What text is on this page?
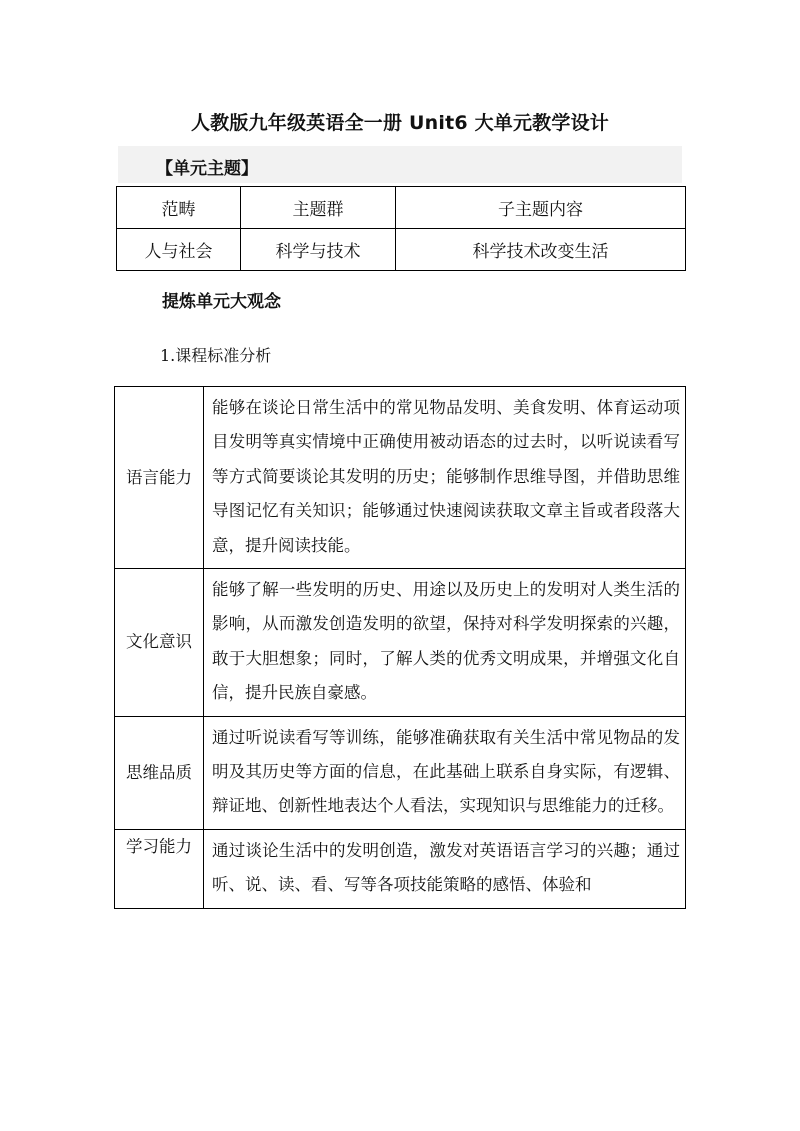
人教版九年级英语全一册 Unit6 大单元教学设计
【单元主题】
范畴	主题群	子主题内容
人与社会	科学与技术	科学技术改变生活
提炼单元大观念
1.课程标准分析
语言能力	能够在谈论日常生活中的常见物品发明、美食发明、体育运动项目发明等真实情境中正确使用被动语态的过去时，以听说读看写等方式简要谈论其发明的历史；能够制作思维导图，并借助思维导图记忆有关知识；能够通过快速阅读获取文章主旨或者段落大意，提升阅读技能。
文化意识	能够了解一些发明的历史、用途以及历史上的发明对人类生活的影响，从而激发创造发明的欲望，保持对科学发明探索的兴趣，敢于大胆想象；同时，了解人类的优秀文明成果，并增强文化自信，提升民族自豪感。
思维品质	通过听说读看写等训练，能够准确获取有关生活中常见物品的发明及其历史等方面的信息，在此基础上联系自身实际，有逻辑、辩证地、创新性地表达个人看法，实现知识与思维能力的迁移。
学习能力	通过谈论生活中的发明创造，激发对英语语言学习的兴趣；通过听、说、读、看、写等各项技能策略的感悟、体验和
